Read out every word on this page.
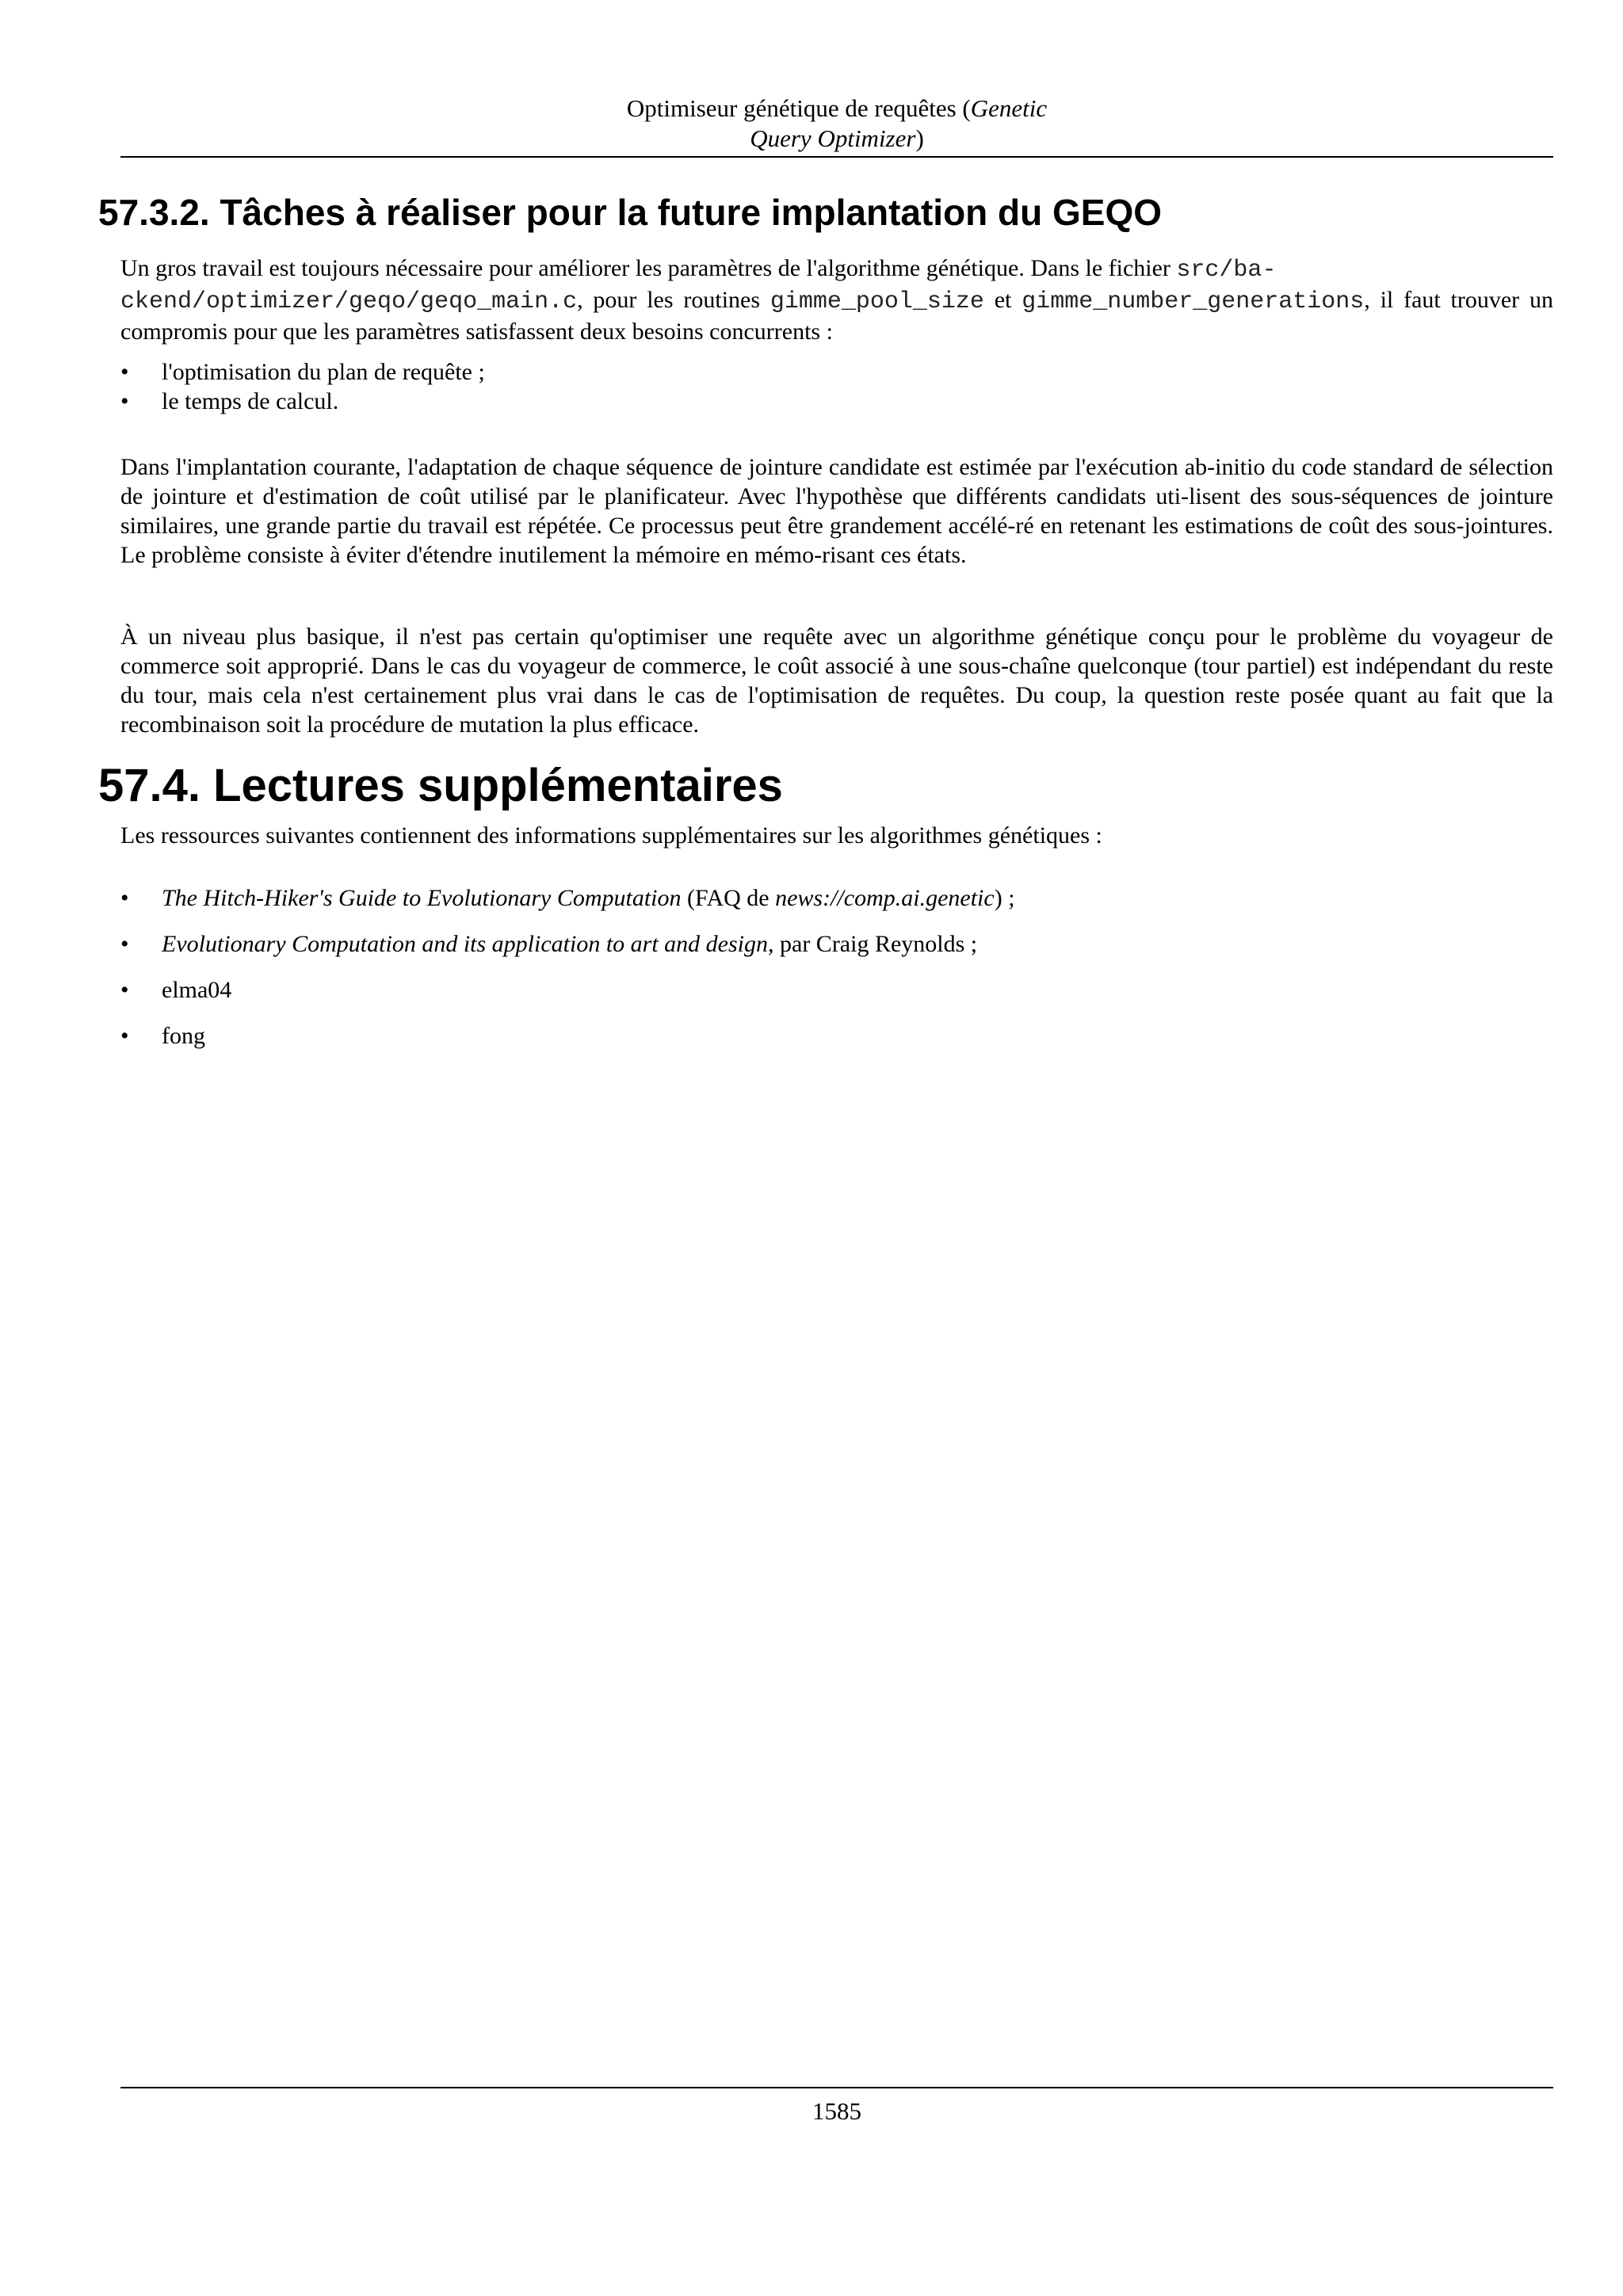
Optimiseur génétique de requêtes (Genetic
Query Optimizer)
57.3.2. Tâches à réaliser pour la future implantation du GEQO

Un gros travail est toujours nécessaire pour améliorer les paramètres de l'algorithme génétique. Dans le fichier src/ba-
ckend/optimizer/geqo/geqo_main.c, pour les routines gimme_pool_size et gimme_number_generations, il faut trouver un compromis pour que les paramètres satisfassent deux besoins concurrents :

• l'optimisation du plan de requête ;
• le temps de calcul.

Dans l'implantation courante, l'adaptation de chaque séquence de jointure candidate est estimée par l'exécution ab-initio du code standard de sélection de jointure et d'estimation de coût utilisé par le planificateur. Avec l'hypothèse que différents candidats uti-lisent des sous-séquences de jointure similaires, une grande partie du travail est répétée. Ce processus peut être grandement accélé-ré en retenant les estimations de coût des sous-jointures. Le problème consiste à éviter d'étendre inutilement la mémoire en mémo-risant ces états.

À un niveau plus basique, il n'est pas certain qu'optimiser une requête avec un algorithme génétique conçu pour le problème du voyageur de commerce soit approprié. Dans le cas du voyageur de commerce, le coût associé à une sous-chaîne quelconque (tour partiel) est indépendant du reste du tour, mais cela n'est certainement plus vrai dans le cas de l'optimisation de requêtes. Du coup, la question reste posée quant au fait que la recombinaison soit la procédure de mutation la plus efficace.

57.4. Lectures supplémentaires

Les ressources suivantes contiennent des informations supplémentaires sur les algorithmes génétiques :

• The Hitch-Hiker's Guide to Evolutionary Computation (FAQ de news://comp.ai.genetic) ;
• Evolutionary Computation and its application to art and design, par Craig Reynolds ;
• elma04
• fong
1585
